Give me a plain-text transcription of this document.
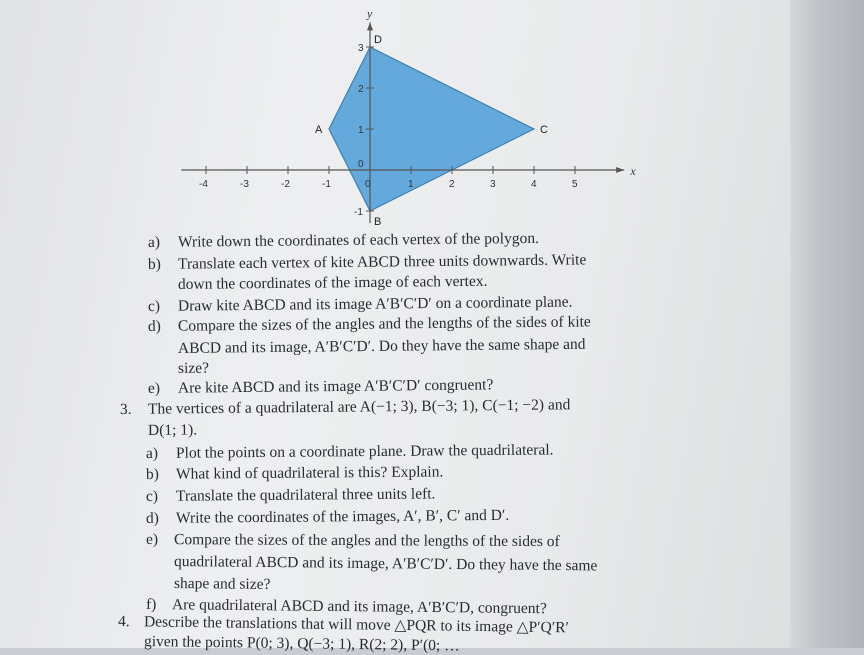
x
y
-4	-3	-2	-1	0	1	2	3	4	5
-1
1
2
3
0
A
B
C
D
a) Write down the coordinates of each vertex of the polygon.
b) Translate each vertex of kite ABCD three units downwards. Write
down the coordinates of the image of each vertex.
c) Draw kite ABCD and its image A′B′C′D′ on a coordinate plane.
d) Compare the sizes of the angles and the lengths of the sides of kite
ABCD and its image, A′B′C′D′. Do they have the same shape and
size?
e) Are kite ABCD and its image A′B′C′D′ congruent?
3. The vertices of a quadrilateral are A(−1; 3), B(−3; 1), C(−1; −2) and
D(1; 1).
a) Plot the points on a coordinate plane. Draw the quadrilateral.
b) What kind of quadrilateral is this? Explain.
c) Translate the quadrilateral three units left.
d) Write the coordinates of the images, A′, B′, C′ and D′.
e) Compare the sizes of the angles and the lengths of the sides of
quadrilateral ABCD and its image, A′B′C′D′. Do they have the same
shape and size?
f) Are quadrilateral ABCD and its image, A′B′C′D, congruent?
4. Describe the translations that will move △PQR to its image △P′Q′R′
given the points P(0; 3), Q(−3; 1), R(2; 2), P′(0; …
